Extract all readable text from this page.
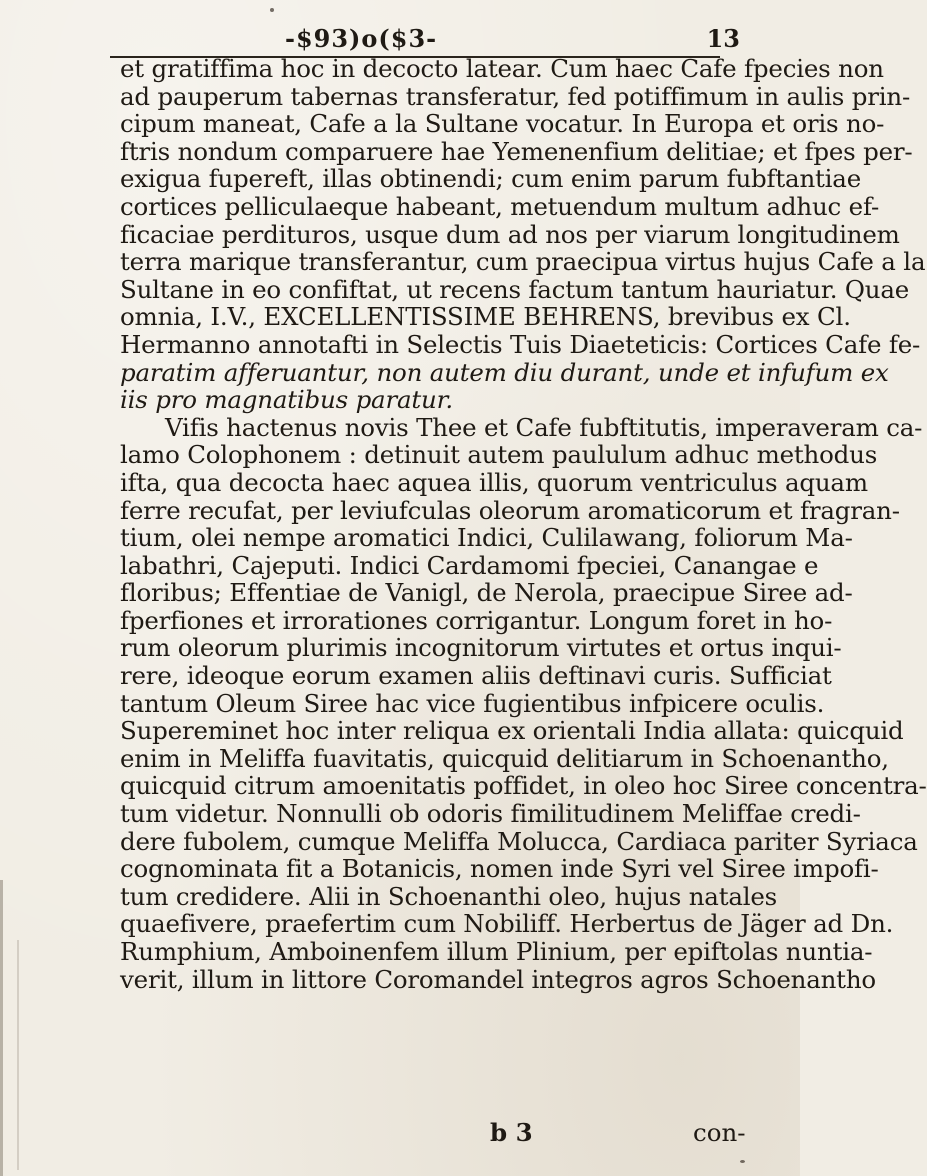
-$93)o($3-	13
et gratiffima hoc in decocto latear. Cum haec Cafe fpecies non
ad pauperum tabernas transferatur, fed potiffimum in aulis prin-
cipum maneat, Cafe a la Sultane vocatur. In Europa et oris no-
ftris nondum comparuere hae Yemenenfium delitiae; et fpes per-
exigua fupereft, illas obtinendi; cum enim parum fubftantiae
cortices pelliculaeque habeant, metuendum multum adhuc ef-
ficaciae perdituros, usque dum ad nos per viarum longitudinem
terra marique transferantur, cum praecipua virtus hujus Cafe a la
Sultane in eo confiftat, ut recens factum tantum hauriatur. Quae
omnia, I.V., EXCELLENTISSIME BEHRENS, brevibus ex Cl.
Hermanno annotafti in Selectis Tuis Diaeteticis: Cortices Cafe fe-
paratim afferuantur, non autem diu durant, unde et infufum ex
iis pro magnatibus paratur.
Vifis hactenus novis Thee et Cafe fubftitutis, imperaveram ca-
lamo Colophonem : detinuit autem paululum adhuc methodus
ifta, qua decocta haec aquea illis, quorum ventriculus aquam
ferre recufat, per leviufculas oleorum aromaticorum et fragran-
tium, olei nempe aromatici Indici, Culilawang, foliorum Ma-
labathri, Cajeputi. Indici Cardamomi fpeciei, Canangae e
floribus; Effentiae de Vanigl, de Nerola, praecipue Siree ad-
fperfiones et irrorationes corrigantur. Longum foret in ho-
rum oleorum plurimis incognitorum virtutes et ortus inqui-
rere, ideoque eorum examen aliis deftinavi curis. Sufficiat
tantum Oleum Siree hac vice fugientibus infpicere oculis.
Supereminet hoc inter reliqua ex orientali India allata: quicquid
enim in Meliffa fuavitatis, quicquid delitiarum in Schoenantho,
quicquid citrum amoenitatis poffidet, in oleo hoc Siree concentra-
tum videtur. Nonnulli ob odoris fimilitudinem Meliffae credi-
dere fubolem, cumque Meliffa Molucca, Cardiaca pariter Syriaca
cognominata fit a Botanicis, nomen inde Syri vel Siree impofi-
tum credidere. Alii in Schoenanthi oleo, hujus natales
quaefivere, praefertim cum Nobiliff. Herbertus de Jäger ad Dn.
Rumphium, Amboinenfem illum Plinium, per epiftolas nuntia-
verit, illum in littore Coromandel integros agros Schoenantho
b 3	con-
